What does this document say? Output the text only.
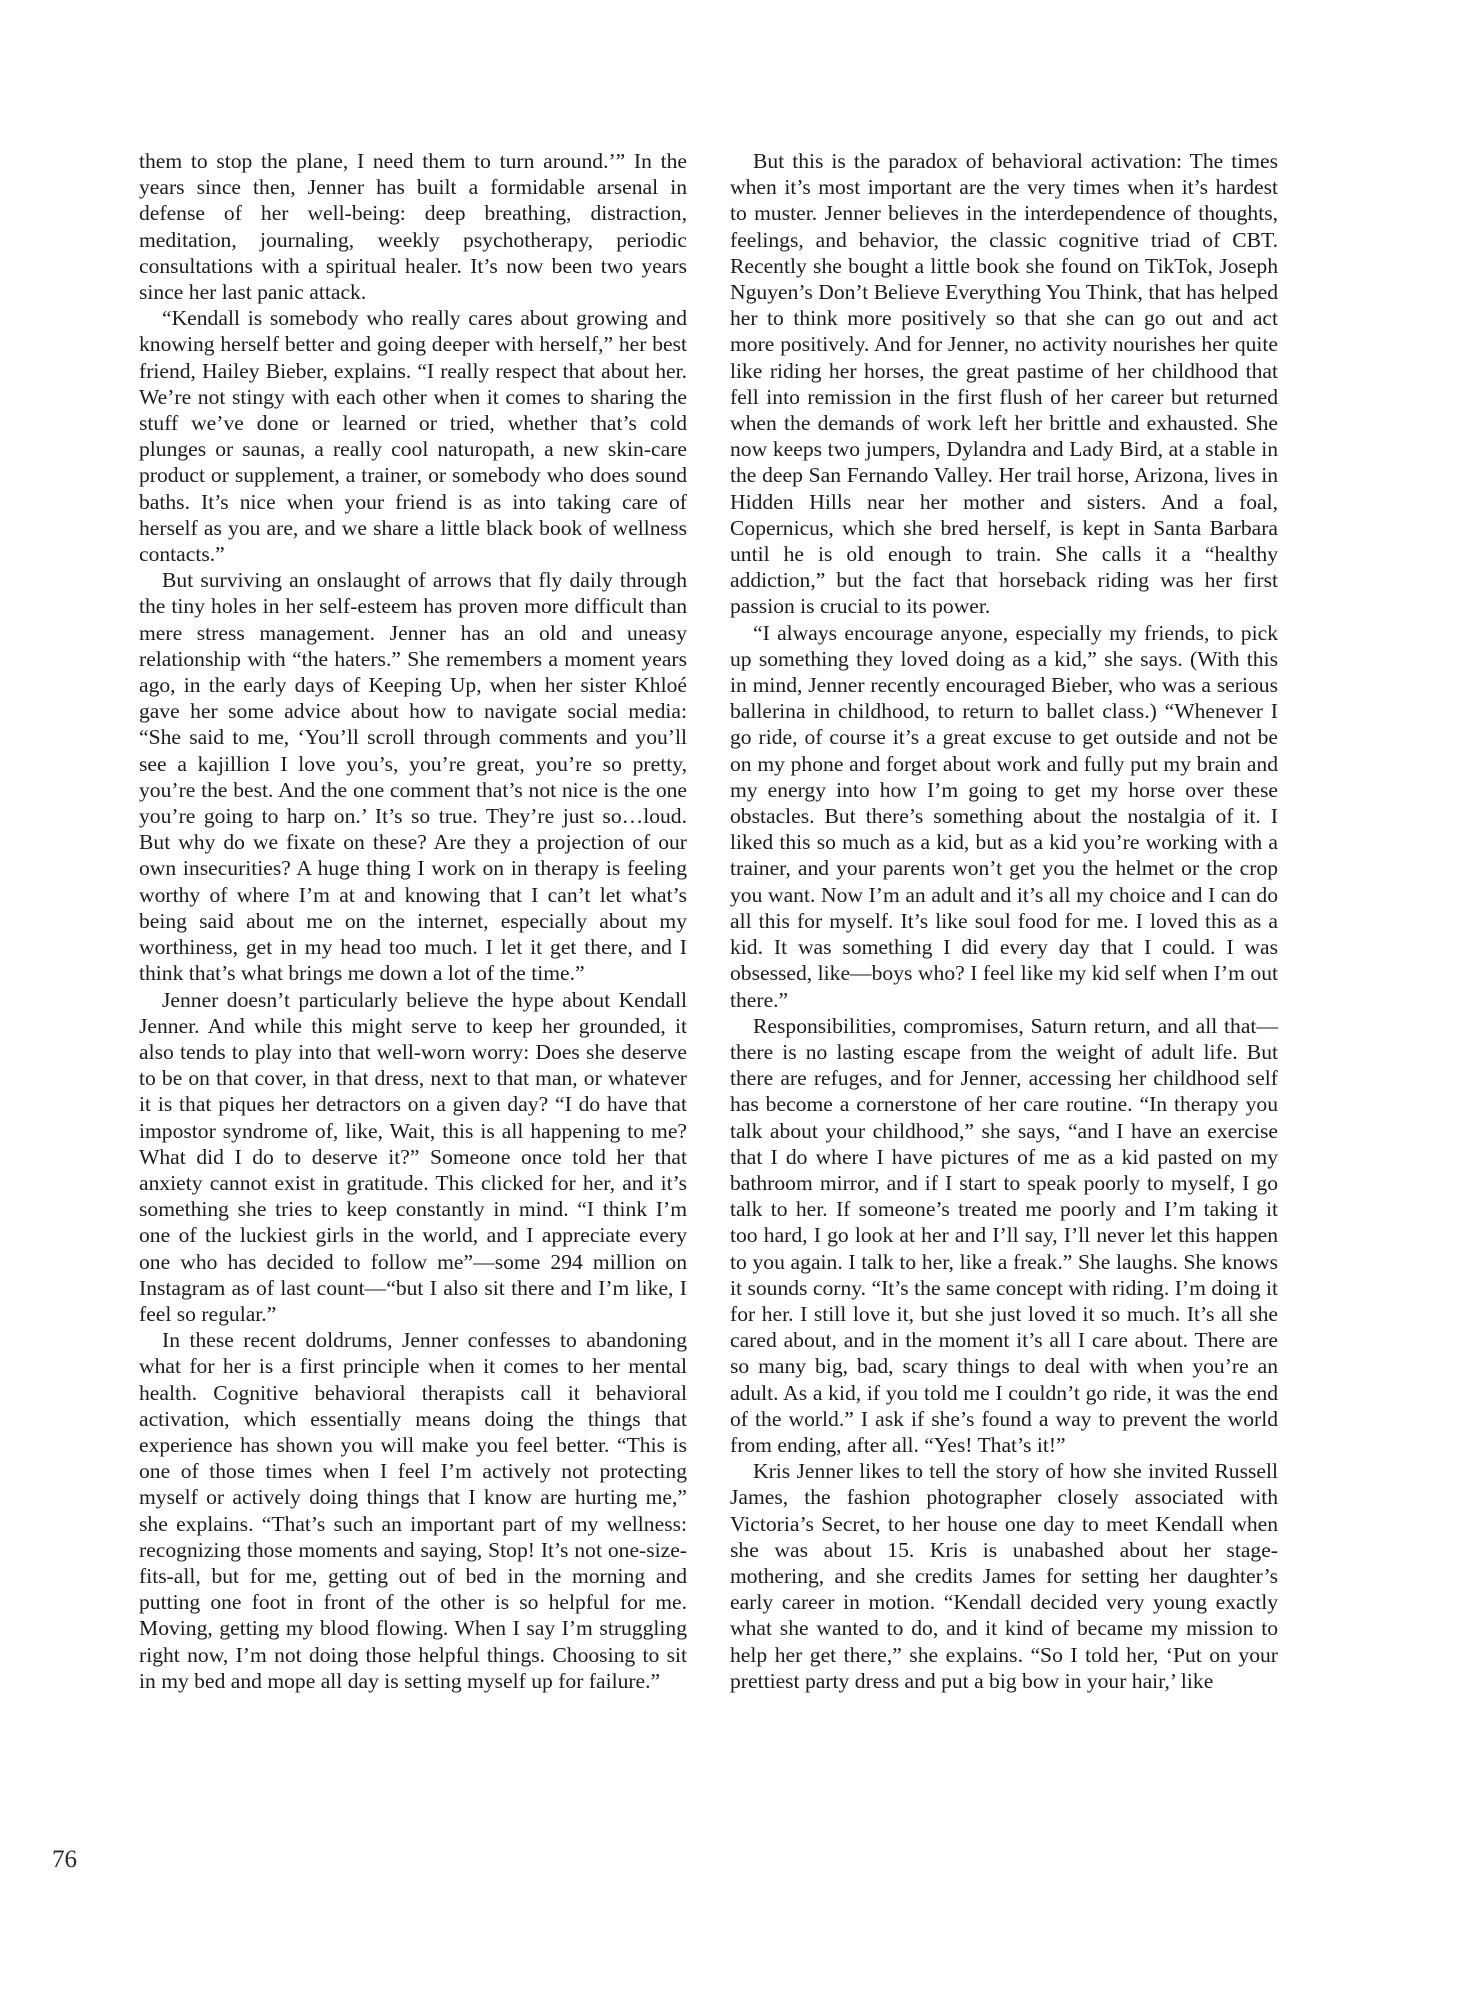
them to stop the plane, I need them to turn around.’” In the years since then, Jenner has built a formidable arsenal in defense of her well-being: deep breathing, distraction, meditation, journaling, weekly psychotherapy, periodic consultations with a spiritual healer. It’s now been two years since her last panic attack.

“Kendall is somebody who really cares about growing and knowing herself better and going deeper with herself,” her best friend, Hailey Bieber, explains. “I really respect that about her. We’re not stingy with each other when it comes to sharing the stuff we’ve done or learned or tried, whether that’s cold plunges or saunas, a really cool naturopath, a new skin-care product or supplement, a trainer, or somebody who does sound baths. It’s nice when your friend is as into taking care of herself as you are, and we share a little black book of wellness contacts.”

But surviving an onslaught of arrows that fly daily through the tiny holes in her self-esteem has proven more difficult than mere stress management. Jenner has an old and uneasy relationship with “the haters.” She remembers a moment years ago, in the early days of Keeping Up, when her sister Khloé gave her some advice about how to navigate social media: “She said to me, ‘You’ll scroll through comments and you’ll see a kajillion I love you’s, you’re great, you’re so pretty, you’re the best. And the one comment that’s not nice is the one you’re going to harp on.’ It’s so true. They’re just so…loud. But why do we fixate on these? Are they a projection of our own insecurities? A huge thing I work on in therapy is feeling worthy of where I’m at and knowing that I can’t let what’s being said about me on the internet, especially about my worthiness, get in my head too much. I let it get there, and I think that’s what brings me down a lot of the time.”

Jenner doesn’t particularly believe the hype about Kendall Jenner. And while this might serve to keep her grounded, it also tends to play into that well-worn worry: Does she deserve to be on that cover, in that dress, next to that man, or whatever it is that piques her detractors on a given day? “I do have that impostor syndrome of, like, Wait, this is all happening to me? What did I do to deserve it?” Someone once told her that anxiety cannot exist in gratitude. This clicked for her, and it’s something she tries to keep constantly in mind. “I think I’m one of the luckiest girls in the world, and I appreciate every one who has decided to follow me”—some 294 million on Instagram as of last count—“but I also sit there and I’m like, I feel so regular.”

In these recent doldrums, Jenner confesses to abandoning what for her is a first principle when it comes to her mental health. Cognitive behavioral therapists call it behavioral activation, which essentially means doing the things that experience has shown you will make you feel better. “This is one of those times when I feel I’m actively not protecting myself or actively doing things that I know are hurting me,” she explains. “That’s such an important part of my wellness: recognizing those moments and saying, Stop! It’s not one-size-fits-all, but for me, getting out of bed in the morning and putting one foot in front of the other is so helpful for me. Moving, getting my blood flowing. When I say I’m struggling right now, I’m not doing those helpful things. Choosing to sit in my bed and mope all day is setting myself up for failure.”

But this is the paradox of behavioral activation: The times when it’s most important are the very times when it’s hardest to muster. Jenner believes in the interdependence of thoughts, feelings, and behavior, the classic cognitive triad of CBT. Recently she bought a little book she found on TikTok, Joseph Nguyen’s Don’t Believe Everything You Think, that has helped her to think more positively so that she can go out and act more positively. And for Jenner, no activity nourishes her quite like riding her horses, the great pastime of her childhood that fell into remission in the first flush of her career but returned when the demands of work left her brittle and exhausted. She now keeps two jumpers, Dylandra and Lady Bird, at a stable in the deep San Fernando Valley. Her trail horse, Arizona, lives in Hidden Hills near her mother and sisters. And a foal, Copernicus, which she bred herself, is kept in Santa Barbara until he is old enough to train. She calls it a “healthy addiction,” but the fact that horseback riding was her first passion is crucial to its power.

“I always encourage anyone, especially my friends, to pick up something they loved doing as a kid,” she says. (With this in mind, Jenner recently encouraged Bieber, who was a serious ballerina in childhood, to return to ballet class.) “Whenever I go ride, of course it’s a great excuse to get outside and not be on my phone and forget about work and fully put my brain and my energy into how I’m going to get my horse over these obstacles. But there’s something about the nostalgia of it. I liked this so much as a kid, but as a kid you’re working with a trainer, and your parents won’t get you the helmet or the crop you want. Now I’m an adult and it’s all my choice and I can do all this for myself. It’s like soul food for me. I loved this as a kid. It was something I did every day that I could. I was obsessed, like—boys who? I feel like my kid self when I’m out there.”

Responsibilities, compromises, Saturn return, and all that—there is no lasting escape from the weight of adult life. But there are refuges, and for Jenner, accessing her childhood self has become a cornerstone of her care routine. “In therapy you talk about your childhood,” she says, “and I have an exercise that I do where I have pictures of me as a kid pasted on my bathroom mirror, and if I start to speak poorly to myself, I go talk to her. If someone’s treated me poorly and I’m taking it too hard, I go look at her and I’ll say, I’ll never let this happen to you again. I talk to her, like a freak.” She laughs. She knows it sounds corny. “It’s the same concept with riding. I’m doing it for her. I still love it, but she just loved it so much. It’s all she cared about, and in the moment it’s all I care about. There are so many big, bad, scary things to deal with when you’re an adult. As a kid, if you told me I couldn’t go ride, it was the end of the world.” I ask if she’s found a way to prevent the world from ending, after all. “Yes! That’s it!”

Kris Jenner likes to tell the story of how she invited Russell James, the fashion photographer closely associated with Victoria’s Secret, to her house one day to meet Kendall when she was about 15. Kris is unabashed about her stage-mothering, and she credits James for setting her daughter’s early career in motion. “Kendall decided very young exactly what she wanted to do, and it kind of became my mission to help her get there,” she explains. “So I told her, ‘Put on your prettiest party dress and put a big bow in your hair,’ like

76
